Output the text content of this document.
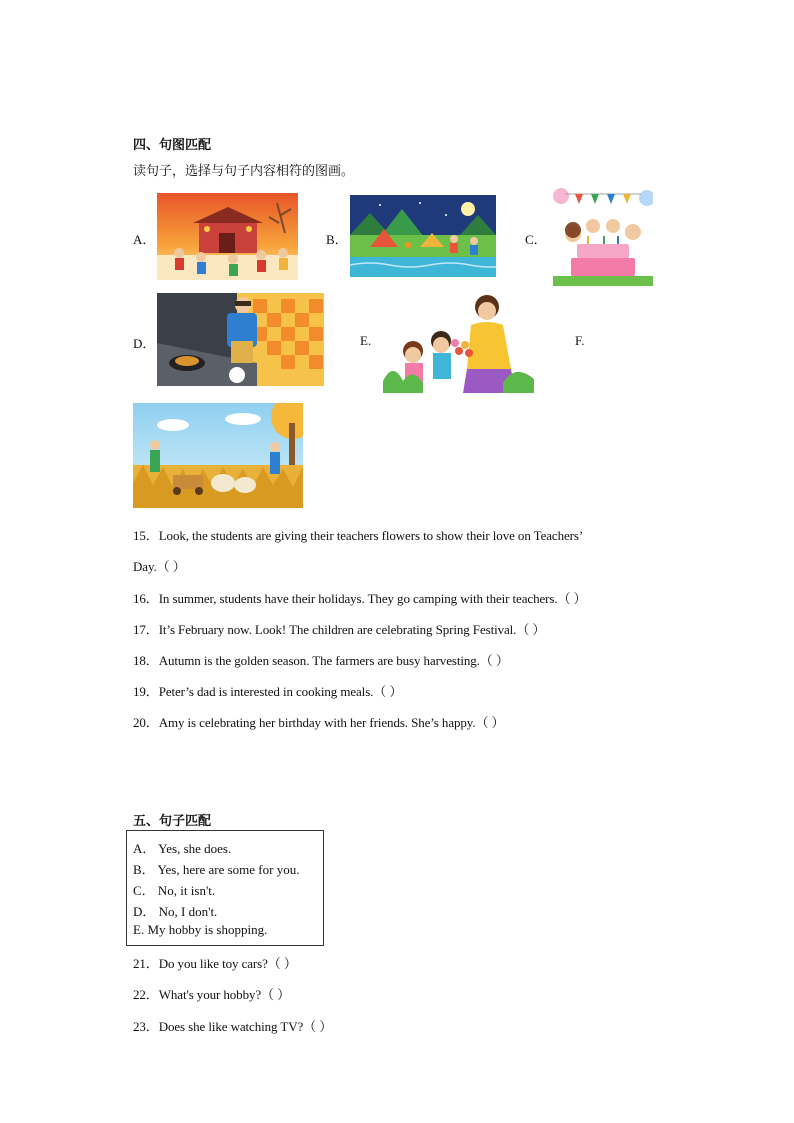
四、句图匹配
读句子，选择与句子内容相符的图画。
A．	B．	C．
D．	E.	F.
15．Look, the students are giving their teachers flowers to show their love on Teachers’
Day.（ ）
16．In summer, students have their holidays. They go camping with their teachers.（ ）
17．It’s February now. Look! The children are celebrating Spring Festival.（ ）
18．Autumn is the golden season. The farmers are busy harvesting.（ ）
19．Peter’s dad is interested in cooking meals.（ ）
20．Amy is celebrating her birthday with her friends. She’s happy.（ ）
五、句子匹配
A． Yes, she does.
B． Yes, here are some for you.
C． No, it isn't.
D． No, I don't.
E. My hobby is shopping.
21．Do you like toy cars?（ ）
22．What's your hobby?（ ）
23．Does she like watching TV?（ ）
